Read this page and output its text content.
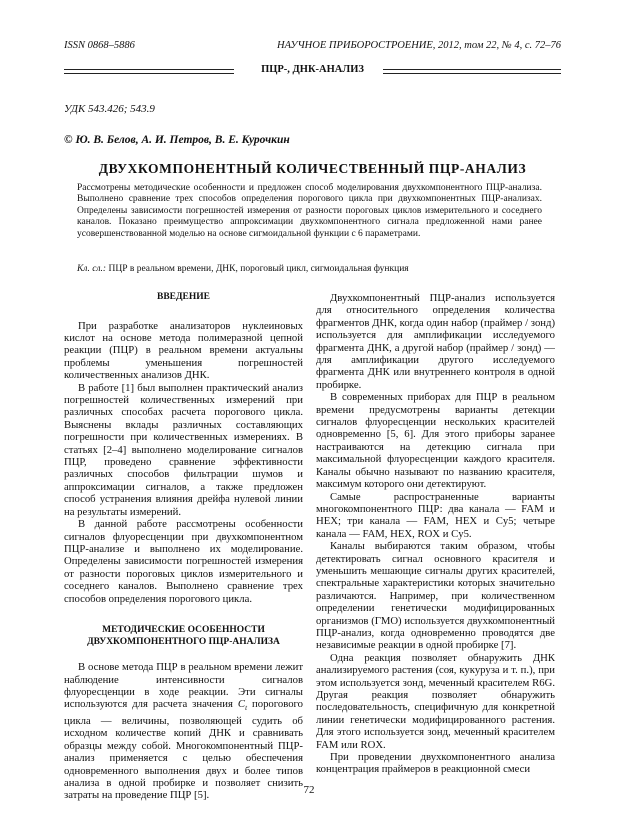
ISSN 0868–5886	НАУЧНОЕ ПРИБОРОСТРОЕНИЕ, 2012, том 22, № 4, с. 72–76
ПЦР-, ДНК-АНАЛИЗ
УДК 543.426; 543.9
© Ю. В. Белов, А. И. Петров, В. Е. Курочкин
ДВУХКОМПОНЕНТНЫЙ КОЛИЧЕСТВЕННЫЙ ПЦР-АНАЛИЗ
Рассмотрены методические особенности и предложен способ моделирования двухкомпонентного ПЦР-анализа. Выполнено сравнение трех способов определения порогового цикла при двухкомпонентных ПЦР-анализах. Определены зависимости погрешностей измерения от разности пороговых циклов измерительного и соседнего каналов. Показано преимущество аппроксимации двухкомпонентного сигнала предложенной нами ранее усовершенствованной моделью на основе сигмоидальной функции с 6 параметрами.
Кл. сл.: ПЦР в реальном времени, ДНК, пороговый цикл, сигмоидальная функция
ВВЕДЕНИЕ

При разработке анализаторов нуклеиновых кислот на основе метода полимеразной цепной реакции (ПЦР) в реальном времени актуальны проблемы уменьшения погрешностей количественных анализов ДНК.

В работе [1] был выполнен практический анализ погрешностей количественных измерений при различных способах расчета порогового цикла. Выяснены вклады различных составляющих погрешности при количественных измерениях. В статьях [2–4] выполнено моделирование сигналов ПЦР, проведено сравнение эффективности различных способов фильтрации шумов и аппроксимации сигналов, а также предложен способ устранения влияния дрейфа нулевой линии на результаты измерений.

В данной работе рассмотрены особенности сигналов флуоресценции при двухкомпонентном ПЦР-анализе и выполнено их моделирование. Определены зависимости погрешностей измерения от разности пороговых циклов измерительного и соседнего каналов. Выполнено сравнение трех способов определения порогового цикла.

МЕТОДИЧЕСКИЕ ОСОБЕННОСТИ
ДВУХКОМПОНЕНТНОГО ПЦР-АНАЛИЗА

В основе метода ПЦР в реальном времени лежит наблюдение интенсивности сигналов флуоресценции в ходе реакции. Эти сигналы используются для расчета значения $C_t$ порогового цикла — величины, позволяющей судить об исходном количестве копий ДНК и сравнивать образцы между собой. Многокомпонентный ПЦР-анализ применяется с целью обеспечения одновременного выполнения двух и более типов анализа в одной пробирке и позволяет снизить затраты на проведение ПЦР [5].

Двухкомпонентный ПЦР-анализ используется для относительного определения количества фрагментов ДНК, когда один набор (праймер / зонд) используется для амплификации исследуемого фрагмента ДНК, а другой набор (праймер / зонд) — для амплификации другого исследуемого фрагмента ДНК или внутреннего контроля в одной пробирке.

В современных приборах для ПЦР в реальном времени предусмотрены варианты детекции сигналов флуоресценции нескольких красителей одновременно [5, 6]. Для этого приборы заранее настраиваются на детекцию сигнала при максимальной флуоресценции каждого красителя. Каналы обычно называют по названию красителя, максимум которого они детектируют.

Самые распространенные варианты многокомпонентного ПЦР: два канала — FAM и HEX; три канала — FAM, HEX и Cy5; четыре канала — FAM, HEX, ROX и Cy5.

Каналы выбираются таким образом, чтобы детектировать сигнал основного красителя и уменьшить мешающие сигналы других красителей, спектральные характеристики которых значительно различаются. Например, при количественном определении генетически модифицированных организмов (ГМО) используется двухкомпонентный ПЦР-анализ, когда одновременно проводятся две независимые реакции в одной пробирке [7].

Одна реакция позволяет обнаружить ДНК анализируемого растения (соя, кукуруза и т. п.), при этом используется зонд, меченный красителем R6G. Другая реакция позволяет обнаружить последовательность, специфичную для конкретной линии генетически модифицированного растения. Для этого используется зонд, меченный красителем FAM или ROX.

При проведении двухкомпонентного анализа концентрация праймеров в реакционной смеси

72
